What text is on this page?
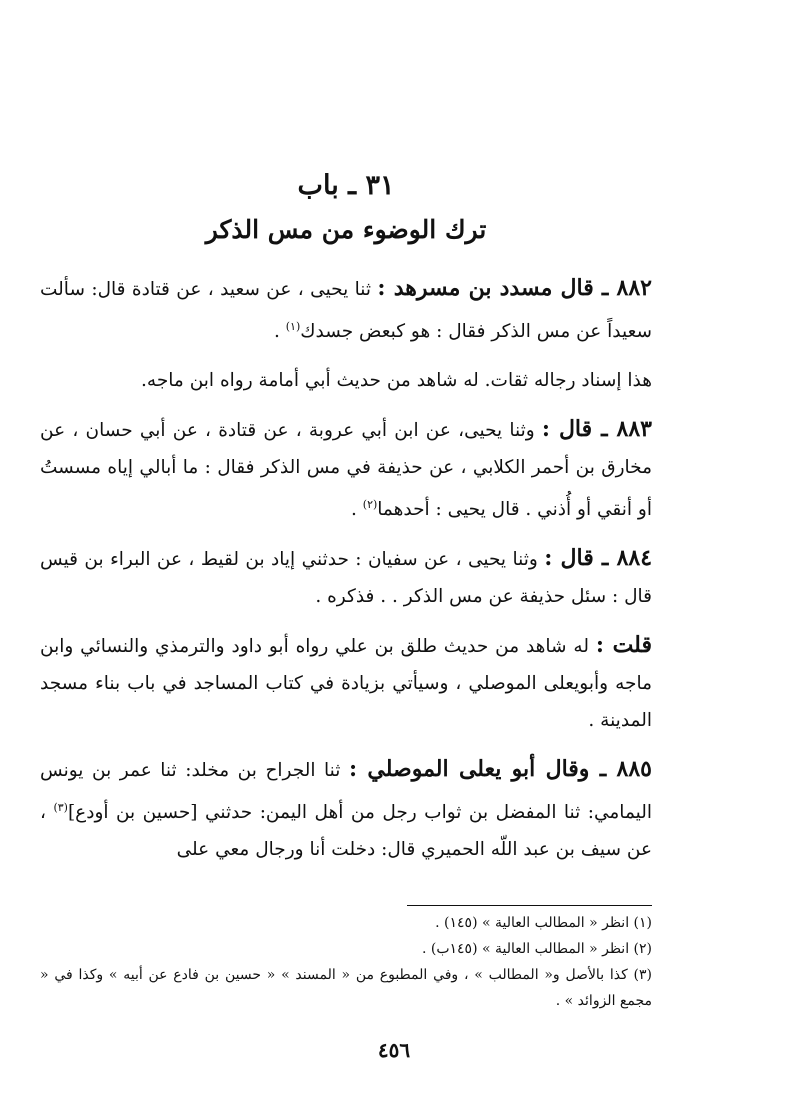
٣١ ـ باب
ترك الوضوء من مس الذكر

٨٨٢ ـ قال مسدد بن مسرهد : ثنا يحيى ، عن سعيد ، عن قتادة قال: سألت سعيداً عن مس الذكر فقال : هو كبعض جسدك$^{(١)}$ .

هذا إسناد رجاله ثقات. له شاهد من حديث أبي أمامة رواه ابن ماجه.

٨٨٣ ـ قال : وثنا يحيى، عن ابن أبي عروبة ، عن قتادة ، عن أبي حسان ، عن مخارق بن أحمر الكلابي ، عن حذيفة في مس الذكر فقال : ما أبالي إياه مسستُ أو أنقي أو أُذني . قال يحيى : أحدهما$^{(٢)}$ .

٨٨٤ ـ قال : وثنا يحيى ، عن سفيان : حدثني إياد بن لقيط ، عن البراء بن قيس قال : سئل حذيفة عن مس الذكر . . فذكره .

قلت : له شاهد من حديث طلق بن علي رواه أبو داود والترمذي والنسائي وابن ماجه وأبويعلى الموصلي ، وسيأتي بزيادة في كتاب المساجد في باب بناء مسجد المدينة .

٨٨٥ ـ وقال أبو يعلى الموصلي : ثنا الجراح بن مخلد: ثنا عمر بن يونس اليمامي: ثنا المفضل بن ثواب رجل من أهل اليمن: حدثني [حسين بن أودع]$^{(٣)}$ ، عن سيف بن عبد اللّه الحميري قال: دخلت أنا ورجال معي على

(١) انظر « المطالب العالية » (١٤٥) .

(٢) انظر « المطالب العالية » (١٤٥ب) .

(٣) كذا بالأصل و« المطالب » ، وفي المطبوع من « المسند » « حسين بن فادع عن أبيه » وكذا في « مجمع الزوائد » .

٤٥٦
